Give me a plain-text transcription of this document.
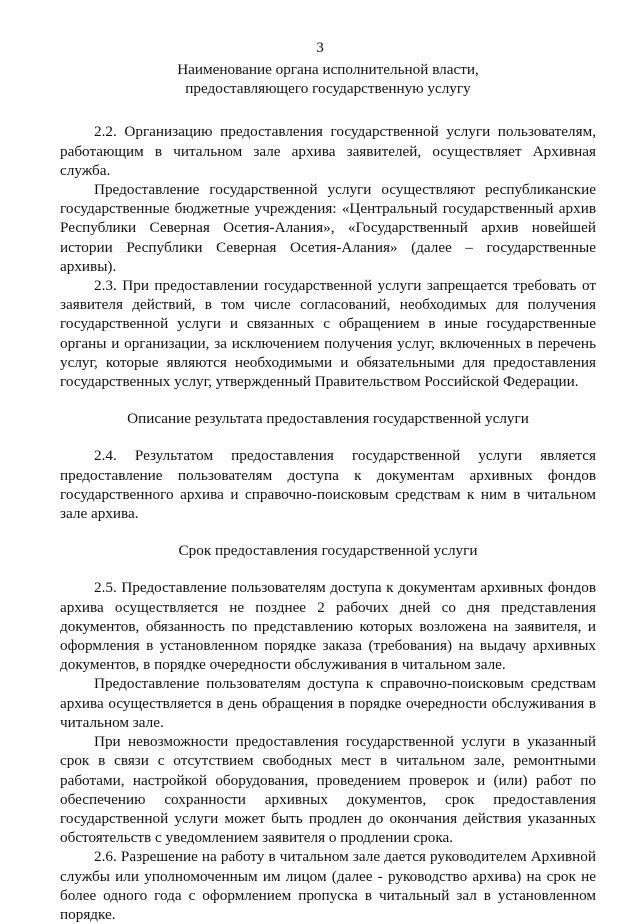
3
Наименование органа исполнительной власти, предоставляющего государственную услугу

2.2. Организацию предоставления государственной услуги пользователям, работающим в читальном зале архива заявителей, осуществляет Архивная служба.

Предоставление государственной услуги осуществляют республиканские государственные бюджетные учреждения: «Центральный государственный архив Республики Северная Осетия-Алания», «Государственный архив новейшей истории Республики Северная Осетия-Алания» (далее – государственные архивы).

2.3. При предоставлении государственной услуги запрещается требовать от заявителя действий, в том числе согласований, необходимых для получения государственной услуги и связанных с обращением в иные государственные органы и организации, за исключением получения услуг, включенных в перечень услуг, которые являются необходимыми и обязательными для предоставления государственных услуг, утвержденный Правительством Российской Федерации.

Описание результата предоставления государственной услуги

2.4. Результатом предоставления государственной услуги является предоставление пользователям доступа к документам архивных фондов государственного архива и справочно-поисковым средствам к ним в читальном зале архива.

Срок предоставления государственной услуги

2.5. Предоставление пользователям доступа к документам архивных фондов архива осуществляется не позднее 2 рабочих дней со дня представления документов, обязанность по представлению которых возложена на заявителя, и оформления в установленном порядке заказа (требования) на выдачу архивных документов, в порядке очередности обслуживания в читальном зале.

Предоставление пользователям доступа к справочно-поисковым средствам архива осуществляется в день обращения в порядке очередности обслуживания в читальном зале.

При невозможности предоставления государственной услуги в указанный срок в связи с отсутствием свободных мест в читальном зале, ремонтными работами, настройкой оборудования, проведением проверок и (или) работ по обеспечению сохранности архивных документов, срок предоставления государственной услуги может быть продлен до окончания действия указанных обстоятельств с уведомлением заявителя о продлении срока.

2.6. Разрешение на работу в читальном зале дается руководителем Архивной службы или уполномоченным им лицом (далее - руководство архива) на срок не более одного года с оформлением пропуска в читальный зал в установленном порядке.
